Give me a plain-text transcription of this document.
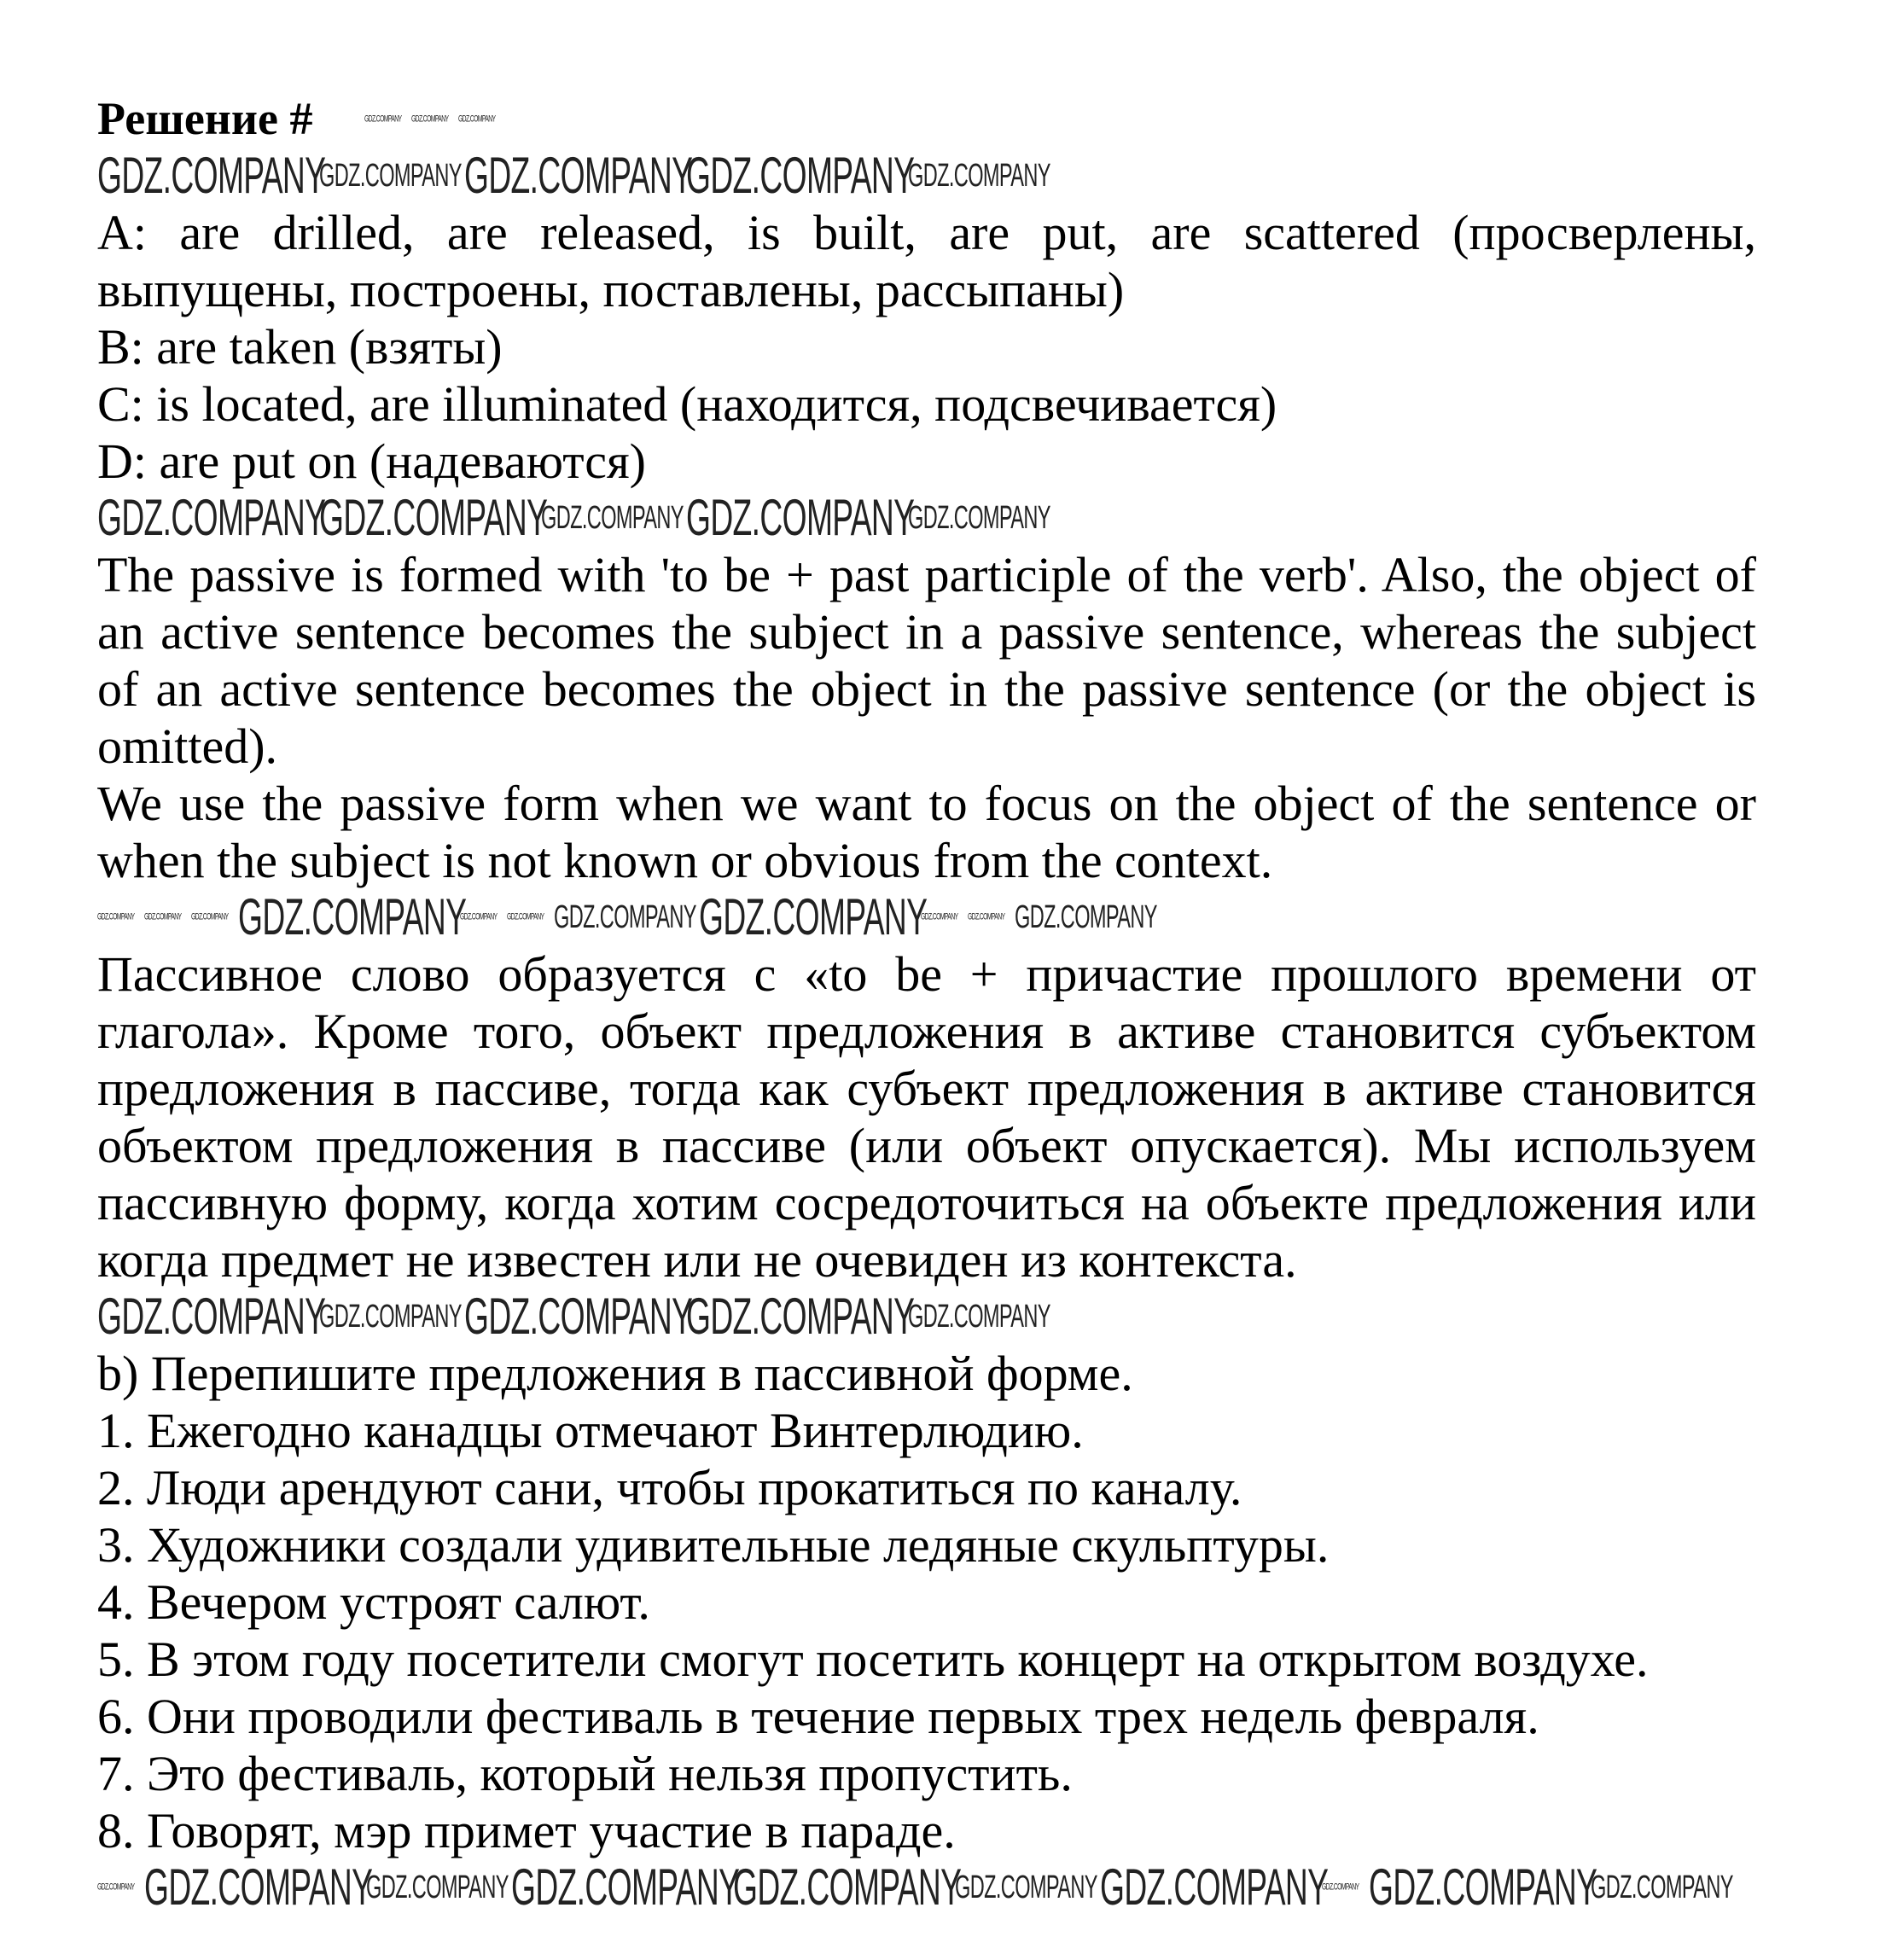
Решение #	GDZ.COMPANY GDZ.COMPANY GDZ.COMPANY
GDZ.COMPANY
GDZ.COMPANY GDZ.COMPANY
GDZ.COMPANY
GDZ.COMPANY
A: are drilled, are released, is built, are put, are scattered (просверлены, выпущены, построены, поставлены, рассыпаны)
B: are taken (взяты)
C: is located, are illuminated (находится, подсвечивается)
D: are put on (надеваются)
GDZ.COMPANY
GDZ.COMPANY
GDZ.COMPANY GDZ.COMPANY
GDZ.COMPANY
The passive is formed with 'to be + past participle of the verb'. Also, the object of an active sentence becomes the subject in a passive sentence, whereas the subject of an active sentence becomes the object in the passive sentence (or the object is omitted).
We use the passive form when we want to focus on the object of the sentence or when the subject is not known or obvious from the context.
GDZ.COMPANY GDZ.COMPANY GDZ.COMPANY GDZ.COMPANY
GDZ.COMPANY GDZ.COMPANY GDZ.COMPANY GDZ.COMPANY
GDZ.COMPANY GDZ.COMPANY GDZ.COMPANY
Пассивное слово образуется с «to be + причастие прошлого времени от глагола». Кроме того, объект предложения в активе становится субъектом предложения в пассиве, тогда как субъект предложения в активе становится объектом предложения в пассиве (или объект опускается). Мы используем пассивную форму, когда хотим сосредоточиться на объекте предложения или когда предмет не известен или не очевиден из контекста.
GDZ.COMPANY
GDZ.COMPANY GDZ.COMPANY
GDZ.COMPANY
GDZ.COMPANY
b) Перепишите предложения в пассивной форме.
1. Ежегодно канадцы отмечают Винтерлюдию.
2. Люди арендуют сани, чтобы прокатиться по каналу.
3. Художники создали удивительные ледяные скульптуры.
4. Вечером устроят салют.
5. В этом году посетители смогут посетить концерт на открытом воздухе.
6. Они проводили фестиваль в течение первых трех недель февраля.
7. Это фестиваль, который нельзя пропустить.
8. Говорят, мэр примет участие в параде.
GDZ.COMPANY GDZ.COMPANY
GDZ.COMPANY GDZ.COMPANY
GDZ.COMPANY
GDZ.COMPANY GDZ.COMPANY
GDZ.COMPANY GDZ.COMPANY
GDZ.COMPANY
